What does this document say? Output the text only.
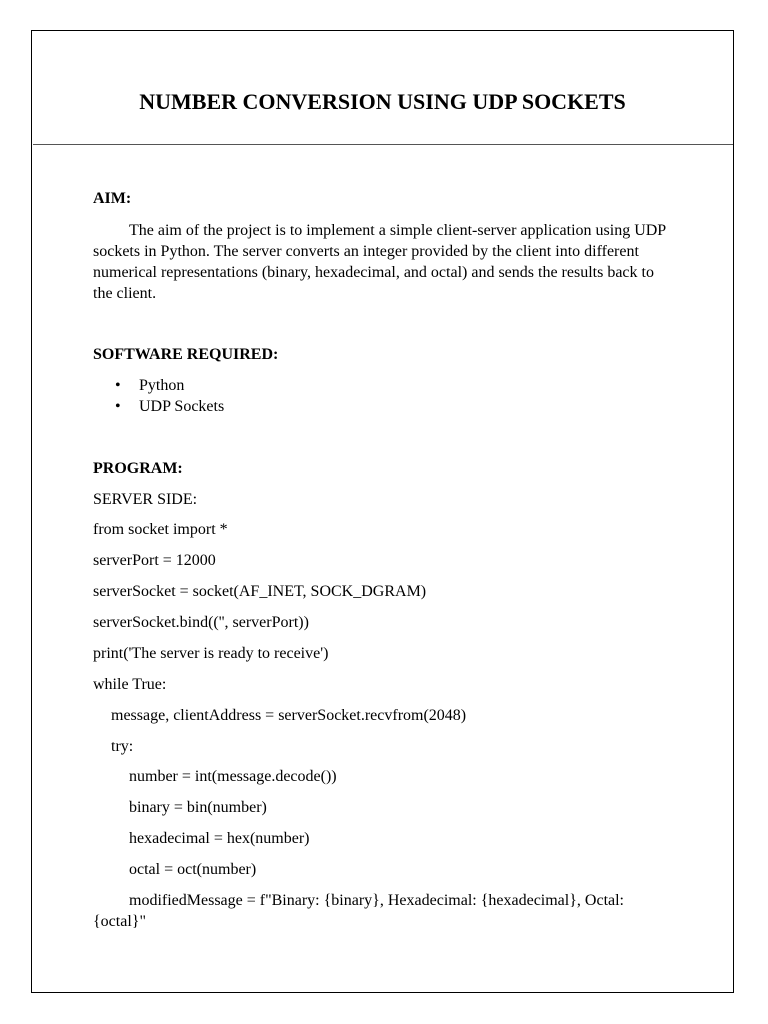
NUMBER CONVERSION USING UDP SOCKETS

AIM:

The aim of the project is to implement a simple client-server application using UDP sockets in Python. The server converts an integer provided by the client into different numerical representations (binary, hexadecimal, and octal) and sends the results back to the client.

SOFTWARE REQUIRED:

• Python
• UDP Sockets

PROGRAM:

SERVER SIDE:

from socket import *

serverPort = 12000

serverSocket = socket(AF_INET, SOCK_DGRAM)

serverSocket.bind(('', serverPort))

print('The server is ready to receive')

while True:

message, clientAddress = serverSocket.recvfrom(2048)

try:

number = int(message.decode())

binary = bin(number)

hexadecimal = hex(number)

octal = oct(number)

modifiedMessage = f"Binary: {binary}, Hexadecimal: {hexadecimal}, Octal: {octal}"
